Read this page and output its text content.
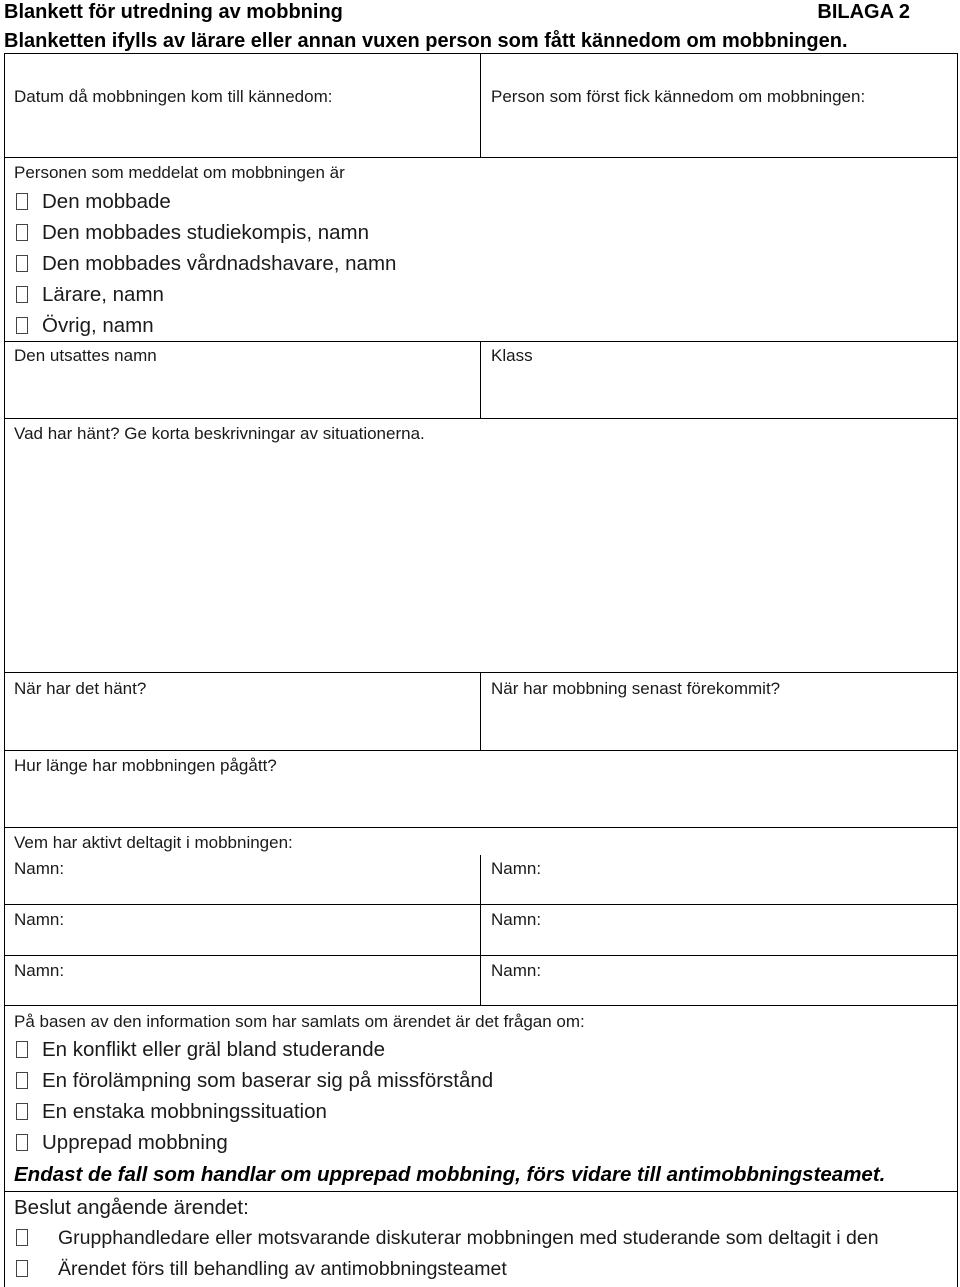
Blankett för utredning av mobbning	BILAGA 2
Blanketten ifylls av lärare eller annan vuxen person som fått kännedom om mobbningen.
Datum då mobbningen kom till kännedom:	Person som först fick kännedom om mobbningen:
Personen som meddelat om mobbningen är
Den mobbade
Den mobbades studiekompis, namn
Den mobbades vårdnadshavare, namn
Lärare, namn
Övrig, namn
Den utsattes namn	Klass
Vad har hänt? Ge korta beskrivningar av situationerna.
När har det hänt?	När har mobbning senast förekommit?
Hur länge har mobbningen pågått?
Vem har aktivt deltagit i mobbningen:
Namn:	Namn:
Namn:	Namn:
Namn:	Namn:
På basen av den information som har samlats om ärendet är det frågan om:
En konflikt eller gräl bland studerande
En förolämpning som baserar sig på missförstånd
En enstaka mobbningssituation
Upprepad mobbning
Endast de fall som handlar om upprepad mobbning, förs vidare till antimobbningsteamet.
Beslut angående ärendet:
Grupphandledare eller motsvarande diskuterar mobbningen med studerande som deltagit i den
Ärendet förs till behandling av antimobbningsteamet
